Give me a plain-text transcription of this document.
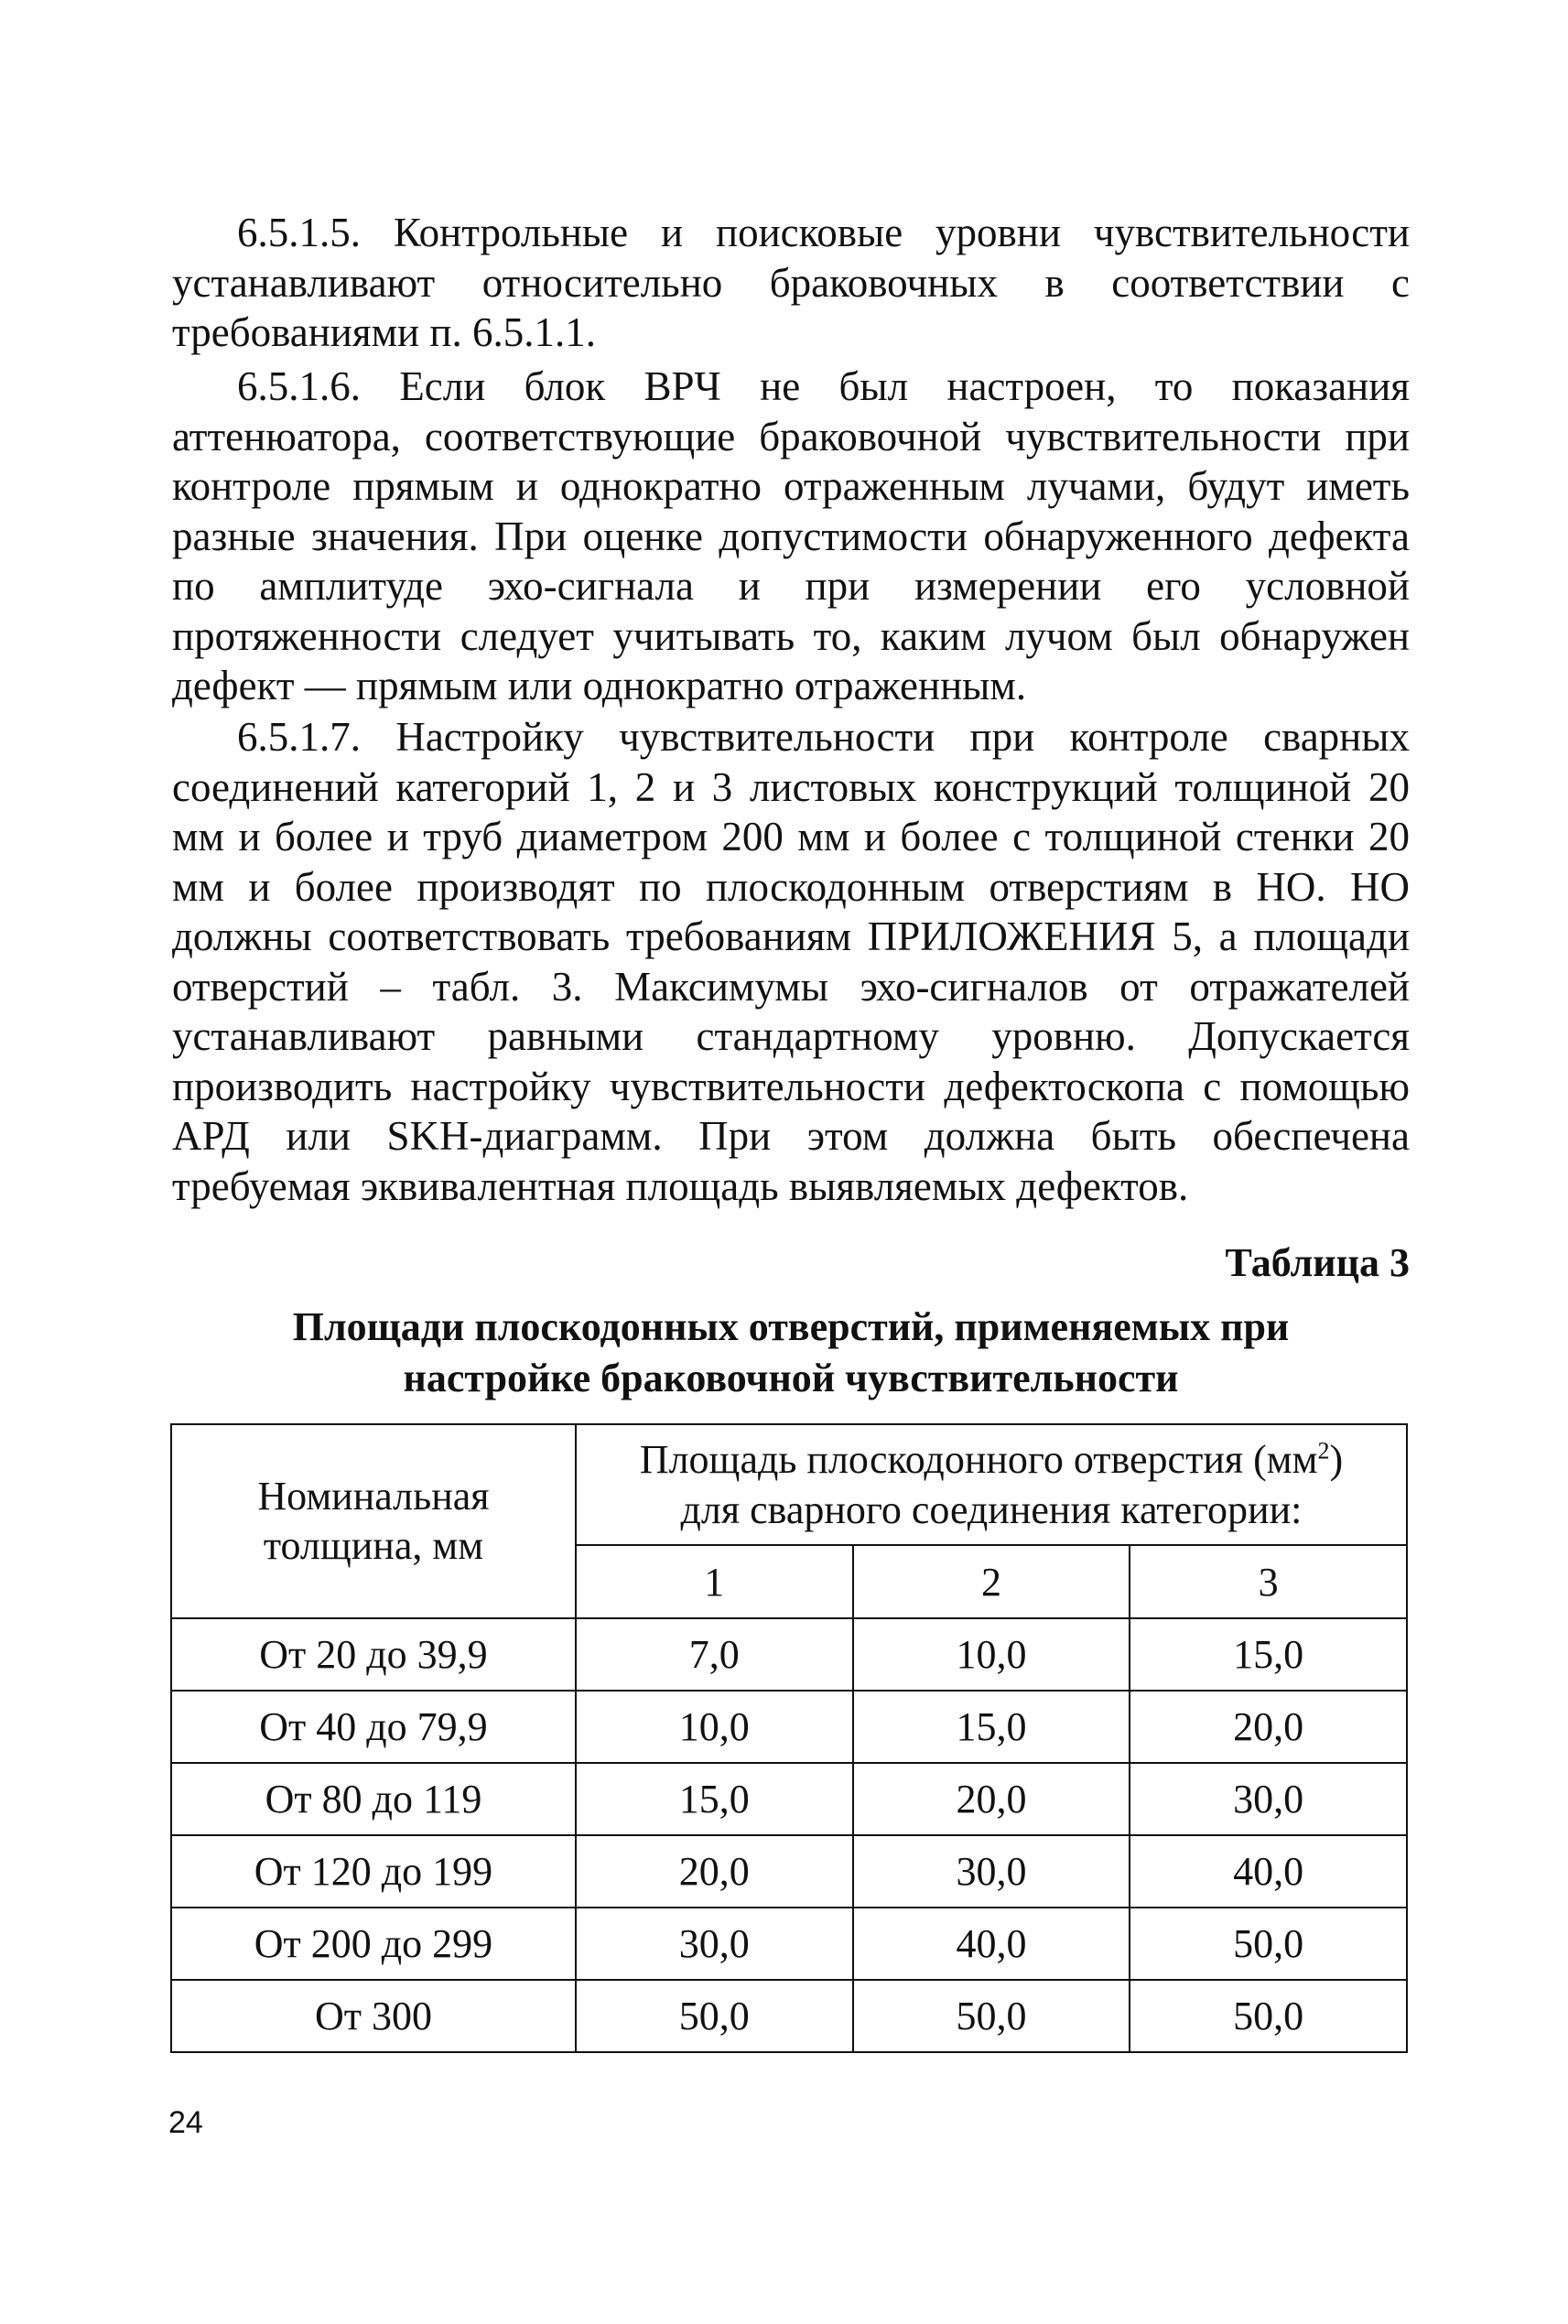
6.5.1.5. Контрольные и поисковые уровни чувствительности устанавливают относительно браковочных в соответствии с требованиями п. 6.5.1.1.

6.5.1.6. Если блок ВРЧ не был настроен, то показания аттенюатора, соответствующие браковочной чувствительности при контроле прямым и однократно отраженным лучами, будут иметь разные значения. При оценке допустимости обнаруженного дефекта по амплитуде эхо-сигнала и при измерении его условной протяженности следует учитывать то, каким лучом был обнаружен дефект — прямым или однократно отраженным.

6.5.1.7. Настройку чувствительности при контроле сварных соединений категорий 1, 2 и 3 листовых конструкций толщиной 20 мм и более и труб диаметром 200 мм и более с толщиной стенки 20 мм и более производят по плоскодонным отверстиям в НО. НО должны соответствовать требованиям ПРИЛОЖЕНИЯ 5, а площади отверстий – табл. 3. Максимумы эхо-сигналов от отражателей устанавливают равными стандартному уровню. Допускается производить настройку чувствительности дефектоскопа с помощью АРД или SKH-диаграмм. При этом должна быть обеспечена требуемая эквивалентная площадь выявляемых дефектов.

Таблица 3
Площади плоскодонных отверстий, применяемых при
настройке браковочной чувствительности
Номинальная
толщина, мм	Площадь плоскодонного отверстия $(мм^2)$
для сварного соединения категории:		

	1	2	3
От 20 до 39,9	7,0	10,0	15,0
От 40 до 79,9	10,0	15,0	20,0
От 80 до 119	15,0	20,0	30,0
От 120 до 199	20,0	30,0	40,0
От 200 до 299	30,0	40,0	50,0
От 300	50,0	50,0	50,0
24
